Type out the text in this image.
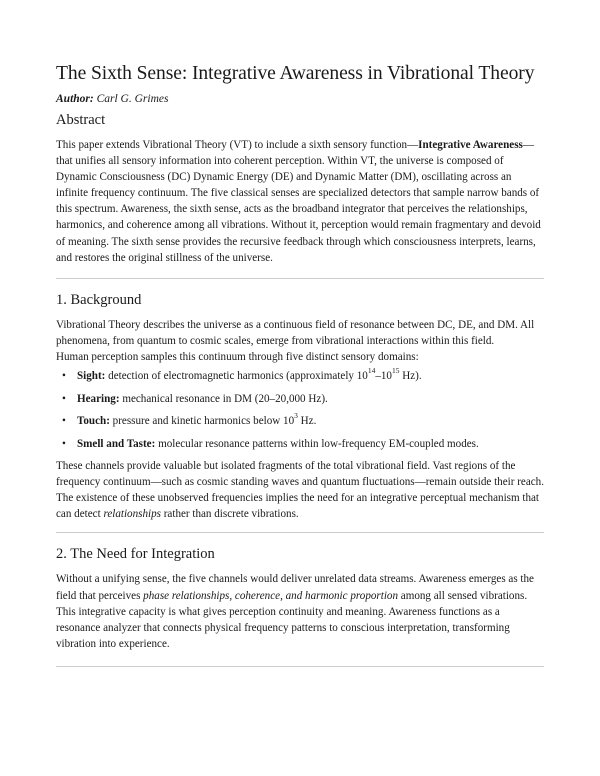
The Sixth Sense: Integrative Awareness in Vibrational Theory
Author: Carl G. Grimes
Abstract

This paper extends Vibrational Theory (VT) to include a sixth sensory function—Integrative Awareness—that unifies all sensory information into coherent perception. Within VT, the universe is composed of Dynamic Consciousness (DC) Dynamic Energy (DE) and Dynamic Matter (DM), oscillating across an infinite frequency continuum. The five classical senses are specialized detectors that sample narrow bands of this spectrum. Awareness, the sixth sense, acts as the broadband integrator that perceives the relationships, harmonics, and coherence among all vibrations. Without it, perception would remain fragmentary and devoid of meaning. The sixth sense provides the recursive feedback through which consciousness interprets, learns, and restores the original stillness of the universe.

1. Background

Vibrational Theory describes the universe as a continuous field of resonance between DC, DE, and DM. All phenomena, from quantum to cosmic scales, emerge from vibrational interactions within this field.

Human perception samples this continuum through five distinct sensory domains:

• Sight: detection of electromagnetic harmonics (approximately $10^{14}-10^{15}$ Hz).
• Hearing: mechanical resonance in DM (20–20,000 Hz).
• Touch: pressure and kinetic harmonics below $10^3$ Hz.
• Smell and Taste: molecular resonance patterns within low-frequency EM-coupled modes.

These channels provide valuable but isolated fragments of the total vibrational field. Vast regions of the frequency continuum—such as cosmic standing waves and quantum fluctuations—remain outside their reach. The existence of these unobserved frequencies implies the need for an integrative perceptual mechanism that can detect relationships rather than discrete vibrations.

2. The Need for Integration

Without a unifying sense, the five channels would deliver unrelated data streams. Awareness emerges as the field that perceives phase relationships, coherence, and harmonic proportion among all sensed vibrations. This integrative capacity is what gives perception continuity and meaning. Awareness functions as a resonance analyzer that connects physical frequency patterns to conscious interpretation, transforming vibration into experience.
